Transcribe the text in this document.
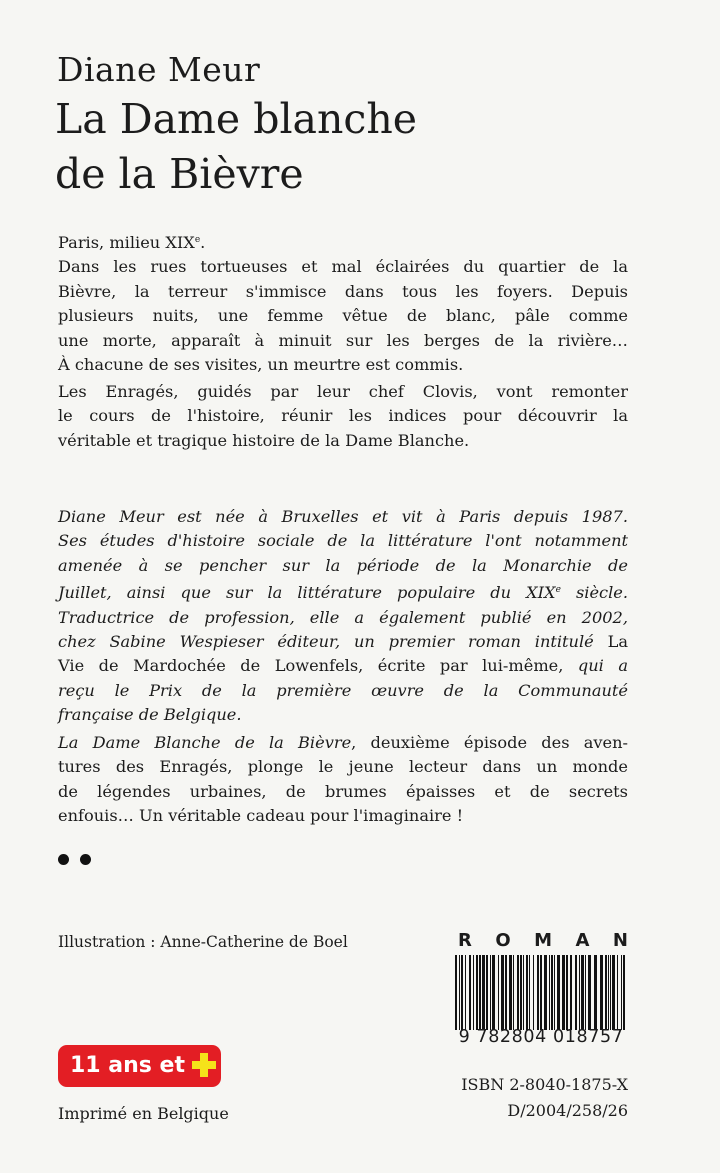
Diane Meur
La Dame blanche
de la Bièvre
Paris, milieu XIXe.
Dans les rues tortueuses et mal éclairées du quartier de la
Bièvre, la terreur s'immisce dans tous les foyers. Depuis
plusieurs nuits, une femme vêtue de blanc, pâle comme
une morte, apparaît à minuit sur les berges de la rivière…
À chacune de ses visites, un meurtre est commis.
Les Enragés, guidés par leur chef Clovis, vont remonter
le cours de l'histoire, réunir les indices pour découvrir la
véritable et tragique histoire de la Dame Blanche.
Diane Meur est née à Bruxelles et vit à Paris depuis 1987.
Ses études d'histoire sociale de la littérature l'ont notamment
amenée à se pencher sur la période de la Monarchie de
Juillet, ainsi que sur la littérature populaire du XIXe siècle.
Traductrice de profession, elle a également publié en 2002,
chez Sabine Wespieser éditeur, un premier roman intitulé La
Vie de Mardochée de Lowenfels, écrite par lui-même, qui a
reçu le Prix de la première œuvre de la Communauté
française de Belgique.
La Dame Blanche de la Bièvre, deuxième épisode des aven-
tures des Enragés, plonge le jeune lecteur dans un monde
de légendes urbaines, de brumes épaisses et de secrets
enfouis… Un véritable cadeau pour l'imaginaire !
Illustration : Anne-Catherine de Boel	R O M A N
9 782804 018757
11 ans et
ISBN 2-8040-1875-X
D/2004/258/26
Imprimé en Belgique
